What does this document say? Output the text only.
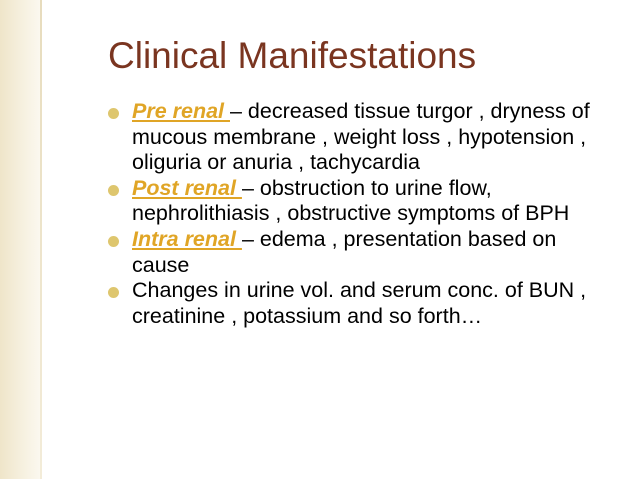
Clinical Manifestations
Pre renal – decreased tissue turgor , dryness of mucous membrane , weight loss , hypotension , oliguria or anuria , tachycardia
Post renal – obstruction to urine flow, nephrolithiasis , obstructive symptoms of BPH
Intra renal – edema , presentation based on cause
Changes in urine vol. and serum conc. of BUN , creatinine , potassium and so forth…
